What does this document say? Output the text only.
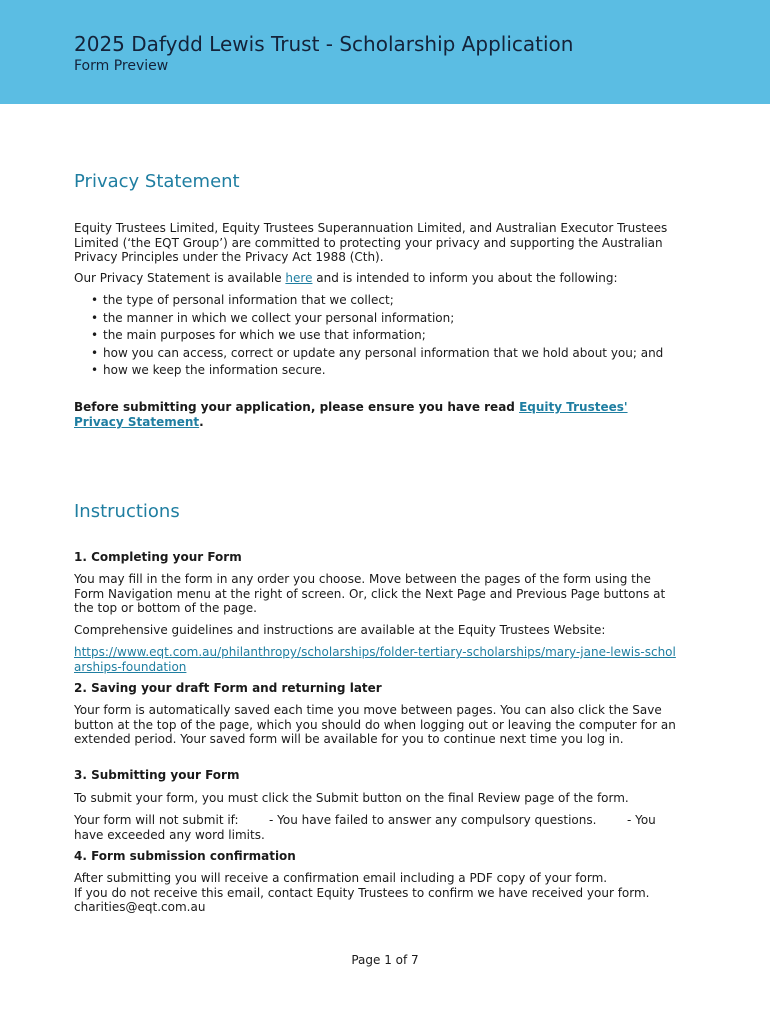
2025 Dafydd Lewis Trust - Scholarship Application
Form Preview
Privacy Statement

Equity Trustees Limited, Equity Trustees Superannuation Limited, and Australian Executor Trustees Limited (‘the EQT Group’) are committed to protecting your privacy and supporting the Australian Privacy Principles under the Privacy Act 1988 (Cth).

Our Privacy Statement is available here and is intended to inform you about the following:

• the type of personal information that we collect;
• the manner in which we collect your personal information;
• the main purposes for which we use that information;
• how you can access, correct or update any personal information that we hold about you; and
• how we keep the information secure.

Before submitting your application, please ensure you have read Equity Trustees' Privacy Statement.

Instructions

1. Completing your Form

You may fill in the form in any order you choose. Move between the pages of the form using the Form Navigation menu at the right of screen. Or, click the Next Page and Previous Page buttons at the top or bottom of the page.

Comprehensive guidelines and instructions are available at the Equity Trustees Website:

https://www.eqt.com.au/philanthropy/scholarships/folder-tertiary-scholarships/mary-jane-lewis-scholarships-foundation

2. Saving your draft Form and returning later

Your form is automatically saved each time you move between pages. You can also click the Save button at the top of the page, which you should do when logging out or leaving the computer for an extended period. Your saved form will be available for you to continue next time you log in.

3. Submitting your Form

To submit your form, you must click the Submit button on the final Review page of the form.

Your form will not submit if:        - You have failed to answer any compulsory questions.        - You have exceeded any word limits.

4. Form submission confirmation

After submitting you will receive a confirmation email including a PDF copy of your form.
If you do not receive this email, contact Equity Trustees to confirm we have received your form. charities@eqt.com.au

Page 1 of 7
